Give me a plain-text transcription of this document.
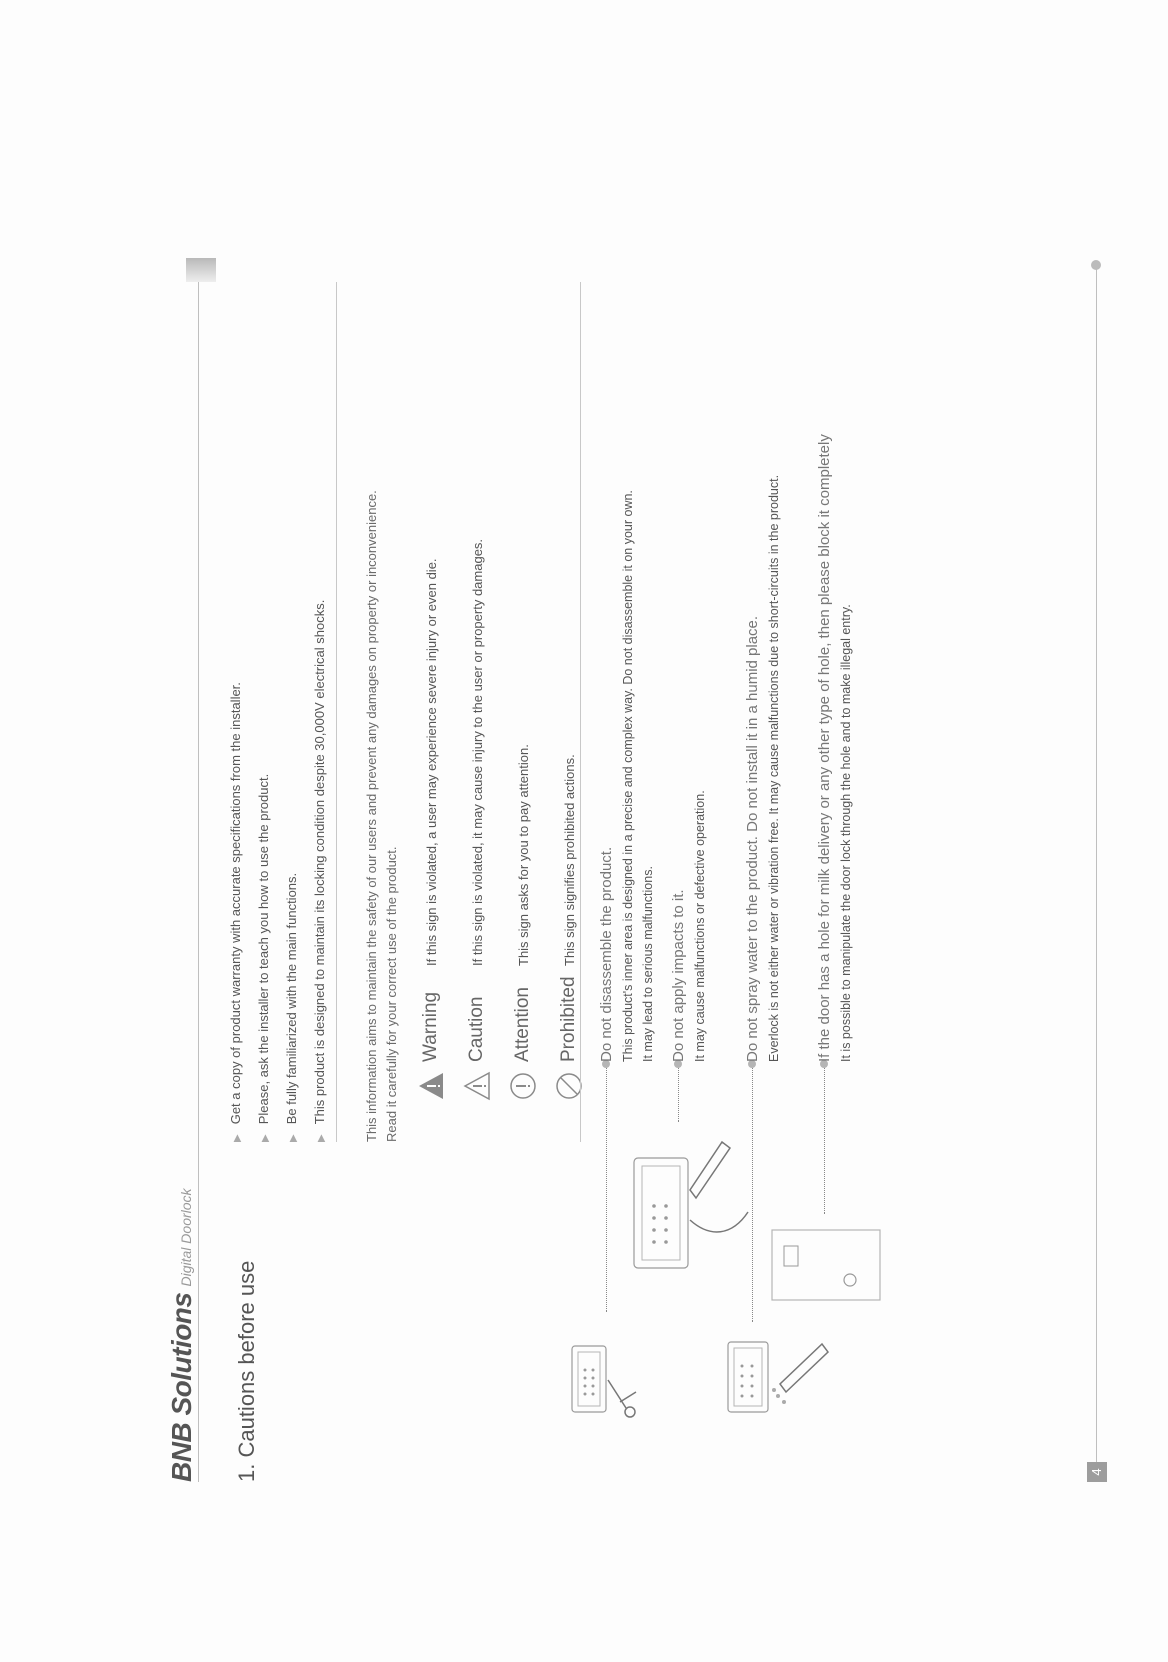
BNB SolutionsDigital Doorlock
1. Cautions before use
▶Get a copy of product warranty with accurate specifications from the installer.
▶Please, ask the installer to teach you how to use the product.
▶Be fully familiarized with the main functions.
▶This product is designed to maintain its locking condition despite 30,000V electrical shocks.	This information aims to maintain the safety of our users and prevent any damages on property or inconvenience. Read it carefully for your correct use of the product. Warning
If this sign is violated, a user may experience severe injury or even die.
Caution
If this sign is violated, it may cause injury to the user or property damages.
Attention
This sign asks for you to pay attention.
Prohibited
This sign signifies prohibited actions. Do not disassemble the product. This product's inner area is designed in a precise and complex way. Do not disassemble it on your own. It may lead to serious malfunctions. Do not apply impacts to it. It may cause malfunctions or defective operation. Do not spray water to the product. Do not install it in a humid place. Everlock is not either water or vibration free. It may cause malfunctions due to short-circuits in the product. If the door has a hole for milk delivery or any other type of hole, then please block it completely It is possible to manipulate the door lock through the hole and to make illegal entry.
4
